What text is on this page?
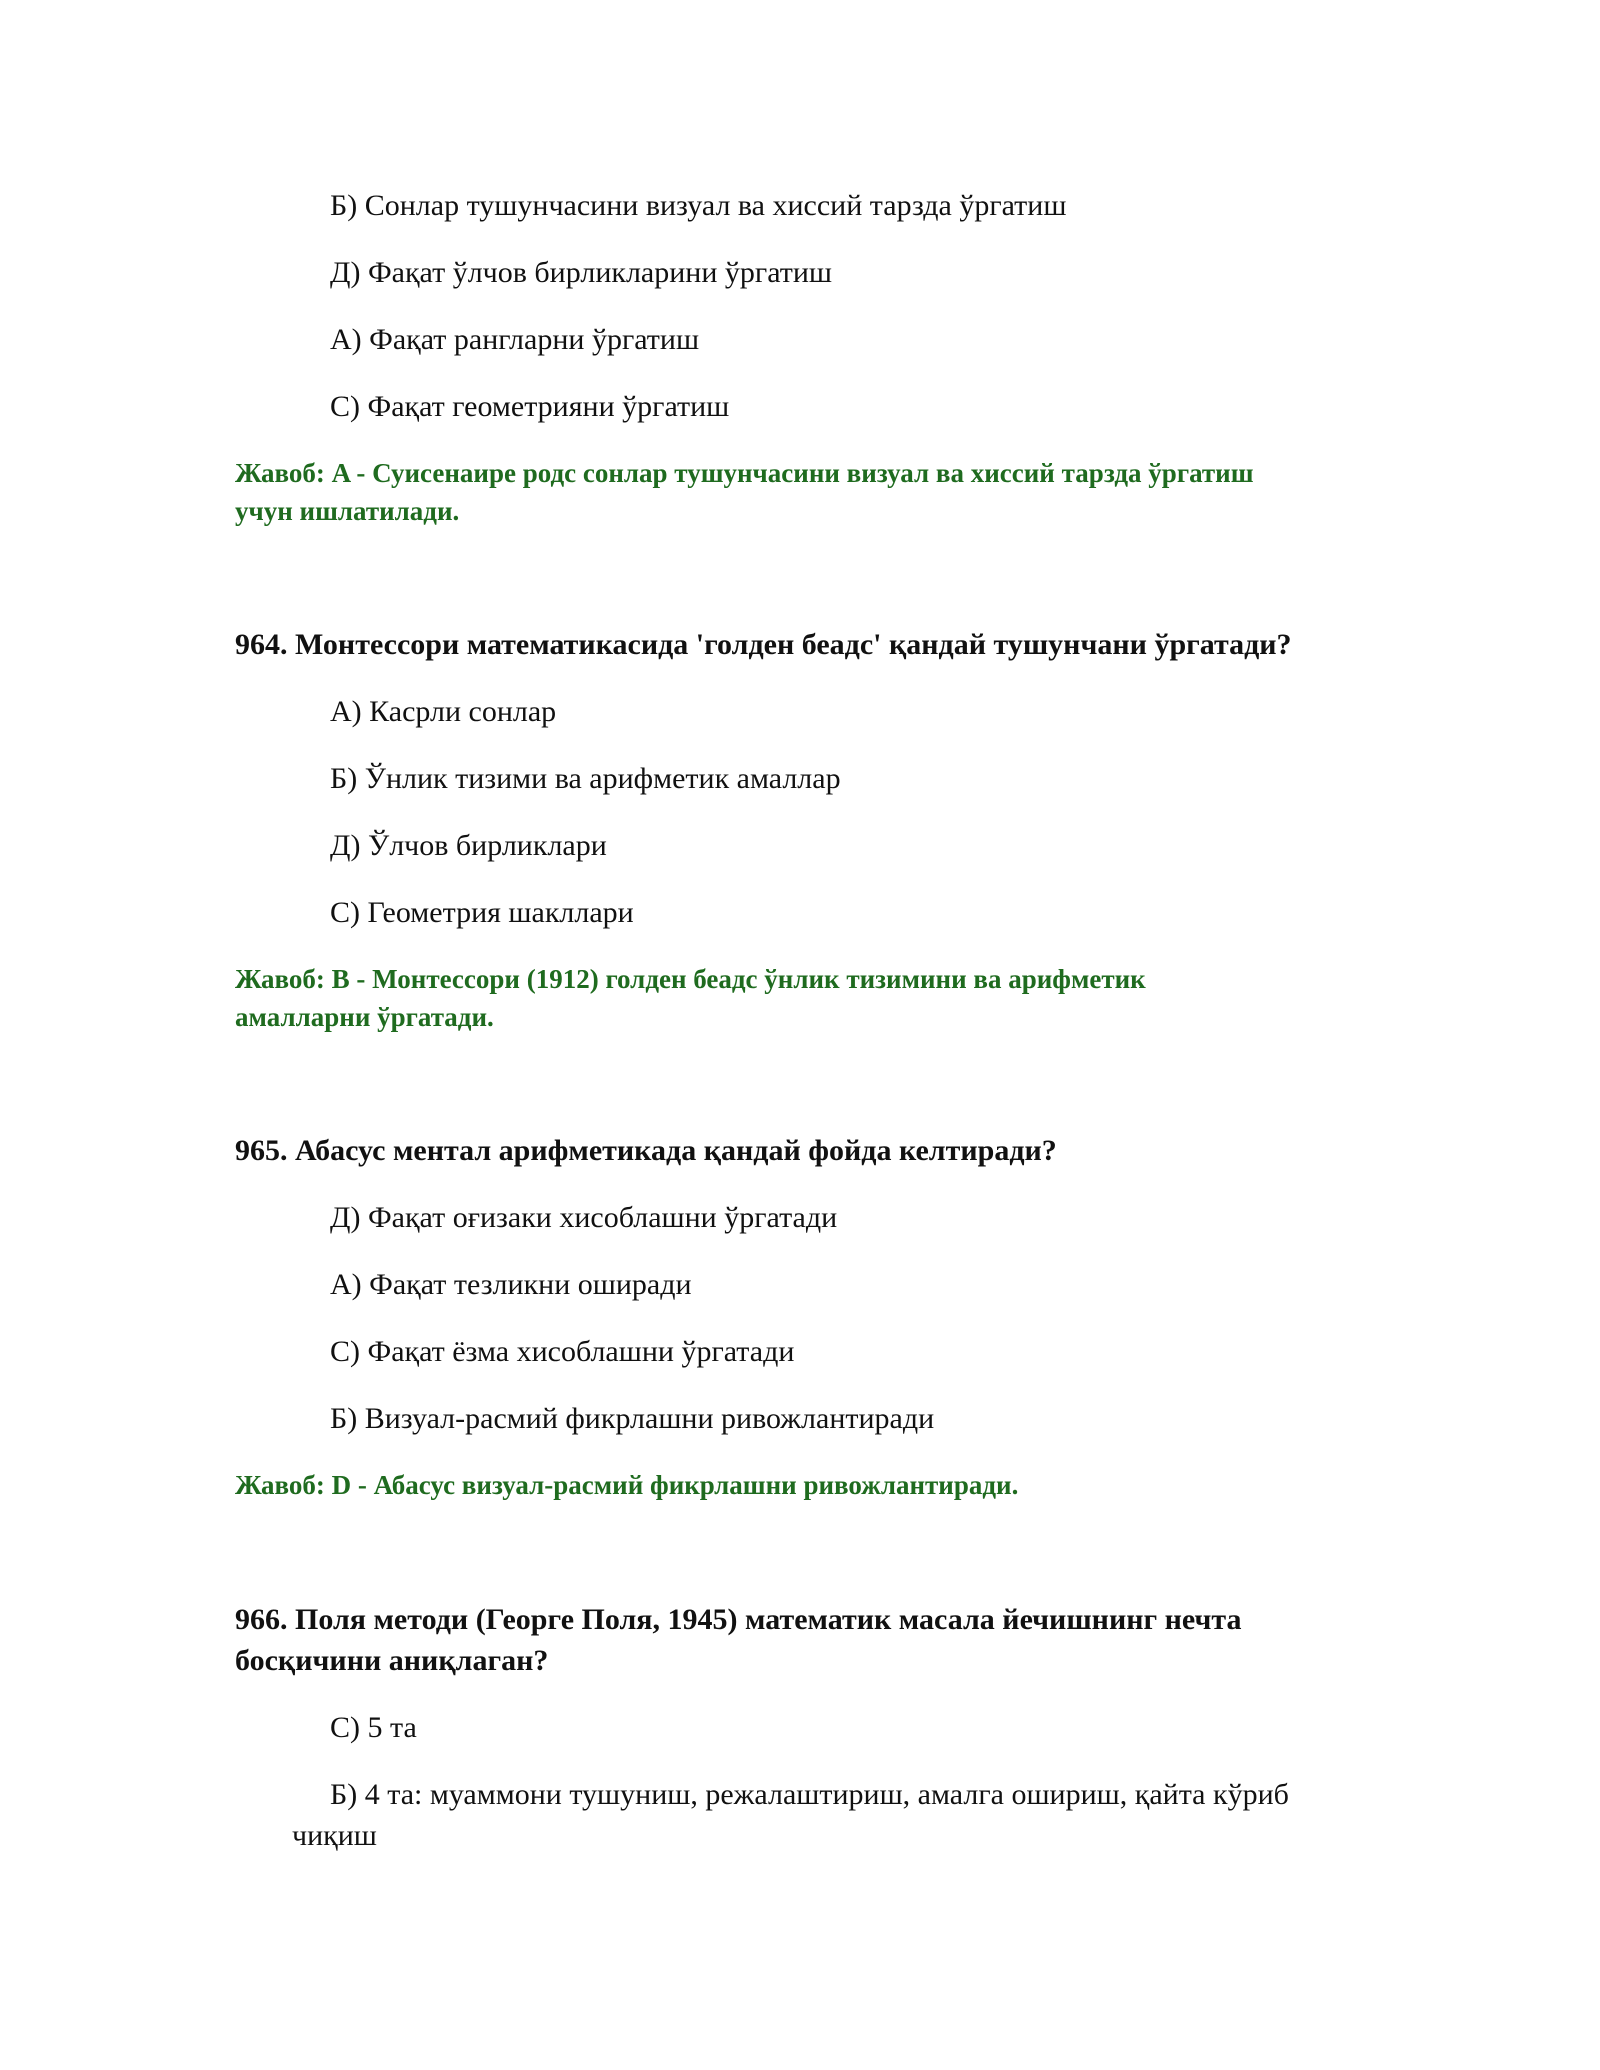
Б) Сонлар тушунчасини визуал ва хиссий тарзда ўргатиш
Д) Фақат ўлчов бирликларини ўргатиш
А) Фақат рангларни ўргатиш
С) Фақат геометрияни ўргатиш
Жавоб: A - Суисенаире родс сонлар тушунчасини визуал ва хиссий тарзда ўргатиш
учун ишлатилади.
964. Монтессори математикасида 'голден беадс' қандай тушунчани ўргатади?
А) Касрли сонлар
Б) Ўнлик тизими ва арифметик амаллар
Д) Ўлчов бирликлари
С) Геометрия шакллари
Жавоб: B - Монтессори (1912) голден беадс ўнлик тизимини ва арифметик
амалларни ўргатади.
965. Абасус ментал арифметикада қандай фойда келтиради?
Д) Фақат оғизаки хисоблашни ўргатади
А) Фақат тезликни оширади
С) Фақат ёзма хисоблашни ўргатади
Б) Визуал-расмий фикрлашни ривожлантиради
Жавоб: D - Абасус визуал-расмий фикрлашни ривожлантиради.
966. Поля методи (Георге Поля, 1945) математик масала йечишнинг нечта
босқичини аниқлаган?
С) 5 та
Б) 4 та: муаммони тушуниш, режалаштириш, амалга ошириш, қайта кўриб
чиқиш
